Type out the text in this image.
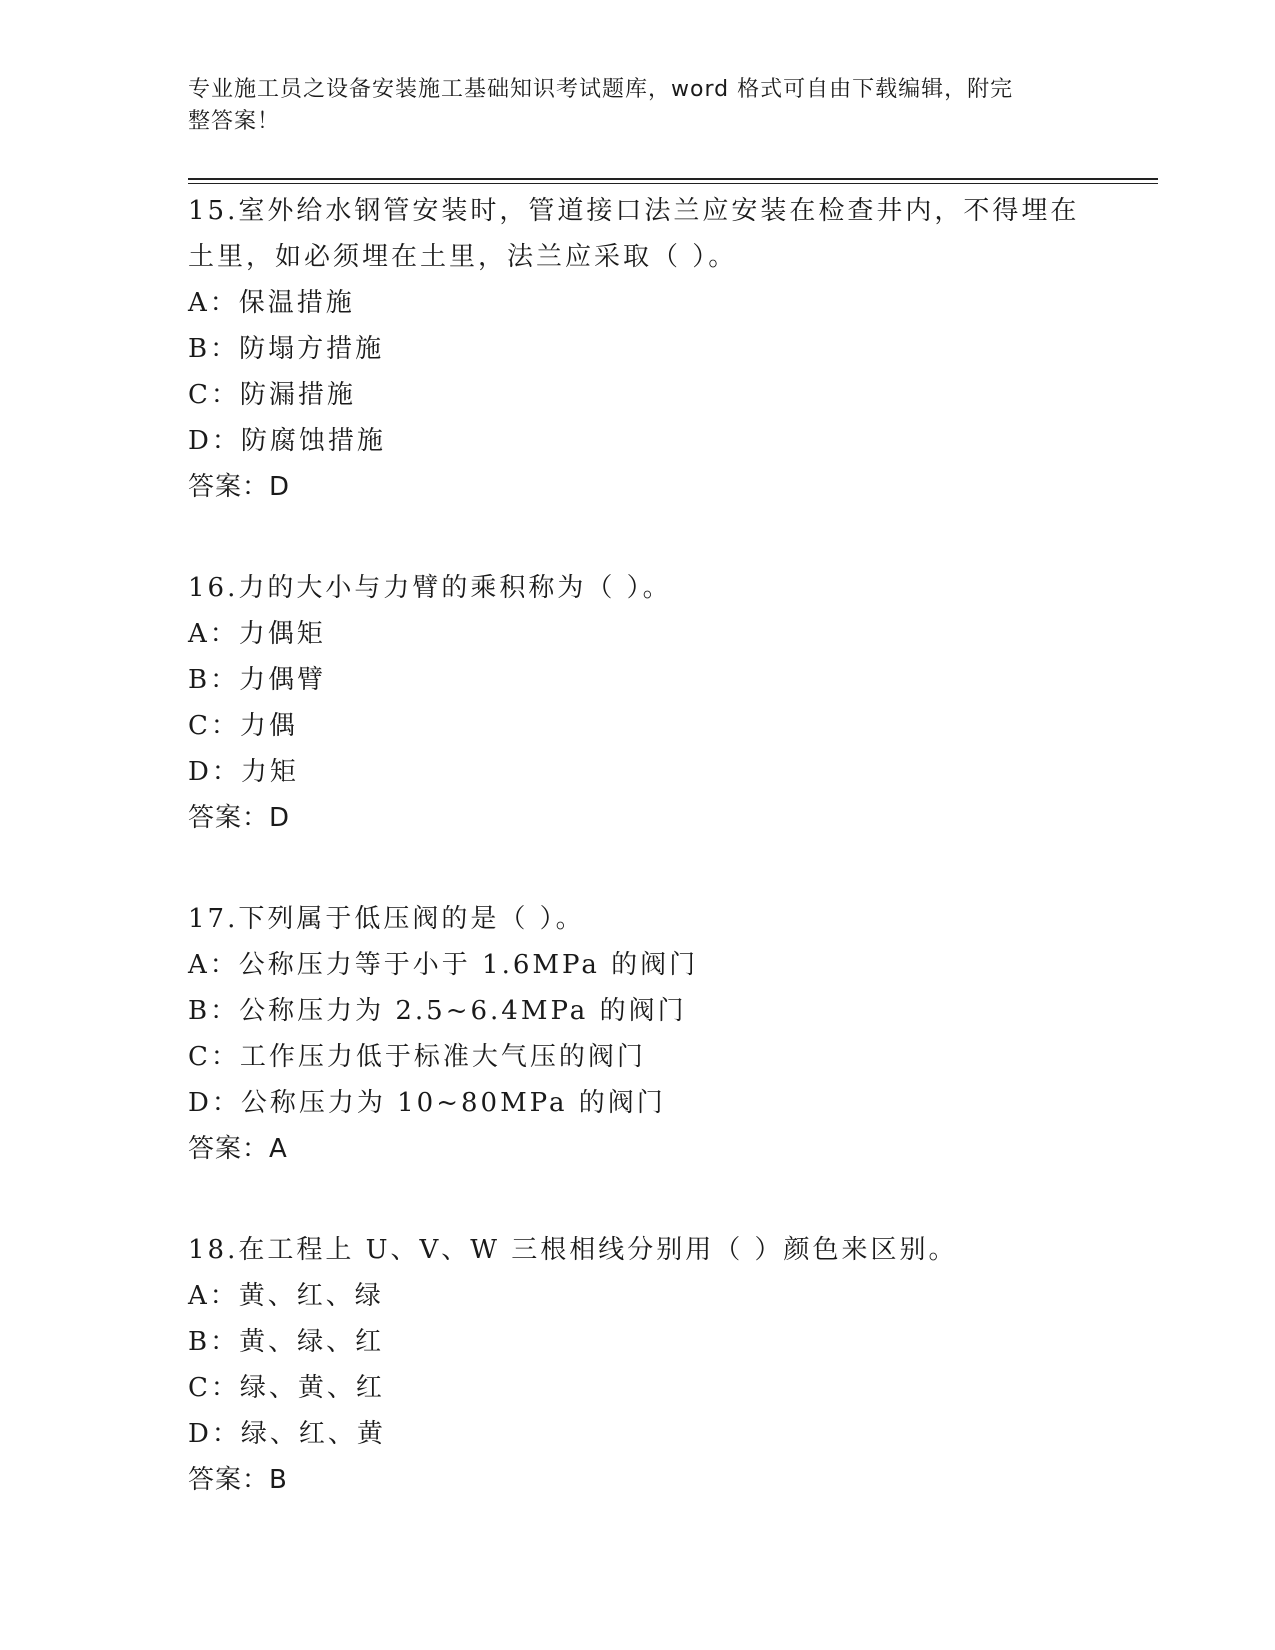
专业施工员之设备安装施工基础知识考试题库，word 格式可自由下载编辑，附完
整答案！

15.室外给水钢管安装时，管道接口法兰应安装在检查井内，不得埋在土里，如必须埋在土里，法兰应采取（ ）。

A：保温措施
B：防塌方措施
C：防漏措施
D：防腐蚀措施
答案：D

16.力的大小与力臂的乘积称为（ ）。

A：力偶矩
B：力偶臂
C：力偶
D：力矩
答案：D

17.下列属于低压阀的是（ ）。

A：公称压力等于小于 1.6MPa 的阀门
B：公称压力为 2.5~6.4MPa 的阀门
C：工作压力低于标准大气压的阀门
D：公称压力为 10~80MPa 的阀门
答案：A

18.在工程上 U、V、W 三根相线分别用（ ）颜色来区别。

A：黄、红、绿
B：黄、绿、红
C：绿、黄、红
D：绿、红、黄
答案：B
